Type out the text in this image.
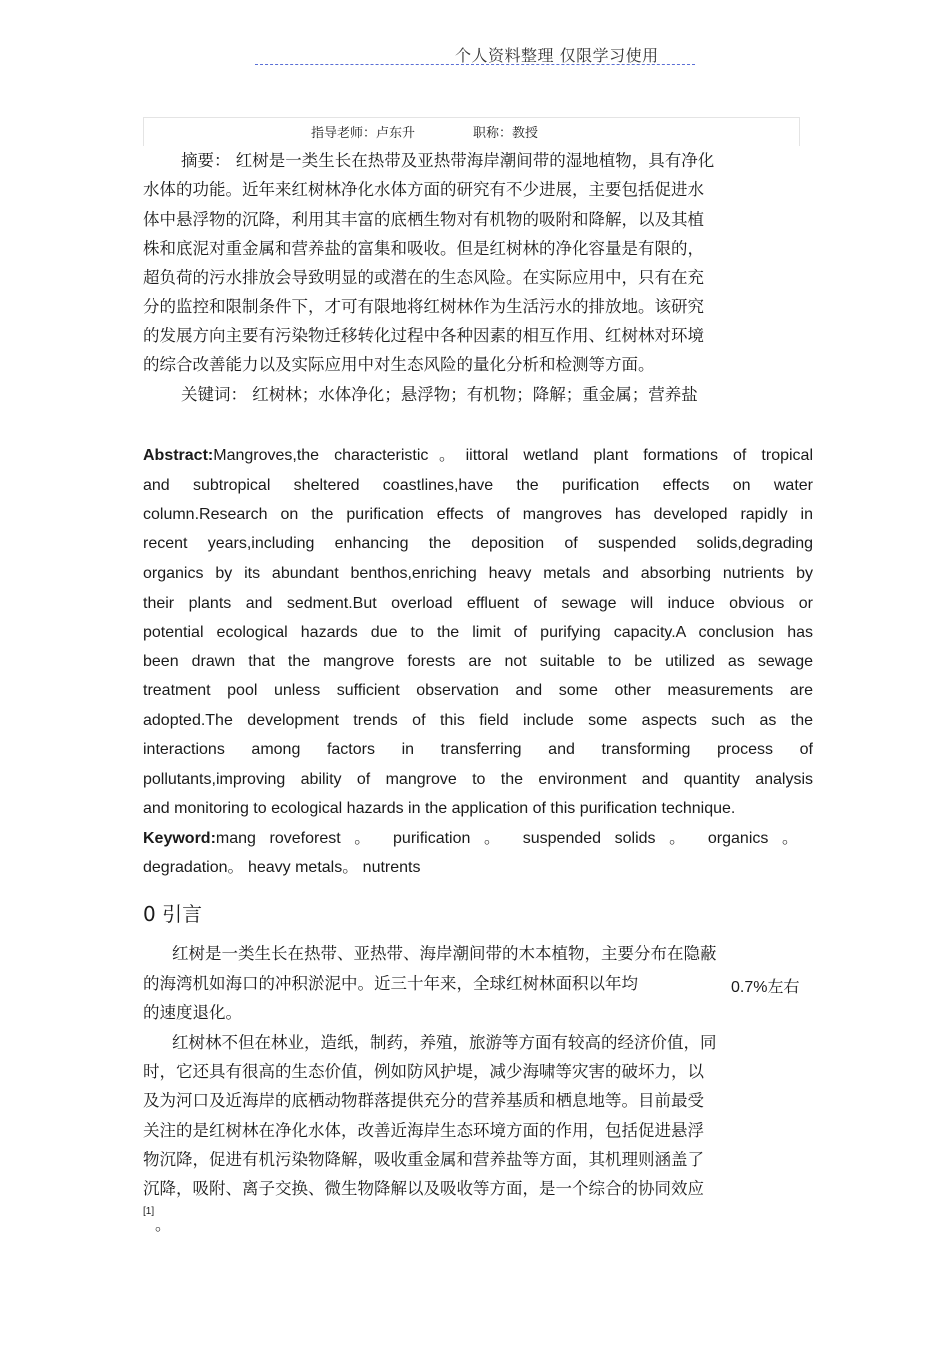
个人资料整理 仅限学习使用
指导老师：卢东升	职称：教授
摘要： 红树是一类生长在热带及亚热带海岸潮间带的湿地植物，具有净化
水体的功能。近年来红树林净化水体方面的研究有不少进展，主要包括促进水
体中悬浮物的沉降，利用其丰富的底栖生物对有机物的吸附和降解，以及其植
株和底泥对重金属和营养盐的富集和吸收。但是红树林的净化容量是有限的，
超负荷的污水排放会导致明显的或潜在的生态风险。在实际应用中，只有在充
分的监控和限制条件下，才可有限地将红树林作为生活污水的排放地。该研究
的发展方向主要有污染物迁移转化过程中各种因素的相互作用、红树林对环境
的综合改善能力以及实际应用中对生态风险的量化分析和检测等方面。
关键词： 红树林；水体净化；悬浮物；有机物；降解；重金属；营养盐
Abstract:Mangroves,the characteristic。iittoral wetland plant formations of tropical
and subtropical sheltered coastlines,have the purification effects on water
column.Research on the purification effects of mangroves has developed rapidly in
recent years,including enhancing the deposition of suspended solids,degrading
organics by its abundant benthos,enriching heavy metals and absorbing nutrients by
their plants and sedment.But overload effluent of sewage will induce obvious or
potential ecological hazards due to the limit of purifying capacity.A conclusion has
been drawn that the mangrove forests are not suitable to be utilized as sewage
treatment pool unless sufficient observation and some other measurements are
adopted.The development trends of this field include some aspects such as the
interactions among factors in transferring and transforming process of
pollutants,improving ability of mangrove to the environment and quantity analysis
and monitoring to ecological hazards in the application of this purification technique.
Keyword:mang roveforest 。 purification 。 suspended solids 。 organics 。
degradation。 heavy metals。 nutrents
0 引言
红树是一类生长在热带、亚热带、海岸潮间带的木本植物，主要分布在隐蔽
的海湾机如海口的冲积淤泥中。近三十年来，全球红树林面积以年均	0.7%左右
的速度退化。
红树林不但在林业，造纸，制药，养殖，旅游等方面有较高的经济价值，同
时，它还具有很高的生态价值，例如防风护堤，减少海啸等灾害的破坏力，以
及为河口及近海岸的底栖动物群落提供充分的营养基质和栖息地等。目前最受
关注的是红树林在净化水体，改善近海岸生态环境方面的作用，包括促进悬浮
物沉降，促进有机污染物降解，吸收重金属和营养盐等方面，其机理则涵盖了
沉降，吸附、离子交换、微生物降解以及吸收等方面，是一个综合的协同效应
[1]
。
